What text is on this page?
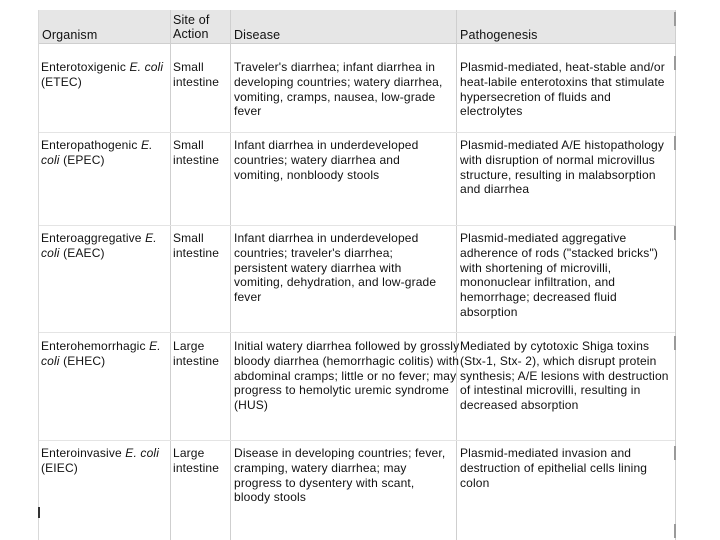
Organism
Site of
Action	Disease	Pathogenesis
Enterotoxigenic E. coli (ETEC)
Small intestine
Traveler's diarrhea; infant diarrhea in developing countries; watery diarrhea, vomiting, cramps, nausea, low-grade fever
Plasmid-mediated, heat-stable and/or heat-labile enterotoxins that stimulate hypersecretion of fluids and electrolytes
Enteropathogenic E. coli (EPEC)
Small intestine
Infant diarrhea in underdeveloped countries; watery diarrhea and vomiting, nonbloody stools
Plasmid-mediated A/E histopathology with disruption of normal microvillus structure, resulting in malabsorption and diarrhea
Enteroaggregative E. coli (EAEC)
Small intestine
Infant diarrhea in underdeveloped countries; traveler's diarrhea; persistent watery diarrhea with vomiting, dehydration, and low-grade fever
Plasmid-mediated aggregative adherence of rods ("stacked bricks") with shortening of microvilli, mononuclear infiltration, and hemorrhage; decreased fluid absorption
Enterohemorrhagic E. coli (EHEC)
Large intestine
Initial watery diarrhea followed by grossly bloody diarrhea (hemorrhagic colitis) with abdominal cramps; little or no fever; may progress to hemolytic uremic syndrome (HUS)
Mediated by cytotoxic Shiga toxins (Stx-1, Stx- 2), which disrupt protein synthesis; A/E lesions with destruction of intestinal microvilli, resulting in decreased absorption
Enteroinvasive E. coli (EIEC)
Large intestine
Disease in developing countries; fever, cramping, watery diarrhea; may progress to dysentery with scant, bloody stools
Plasmid-mediated invasion and destruction of epithelial cells lining colon
